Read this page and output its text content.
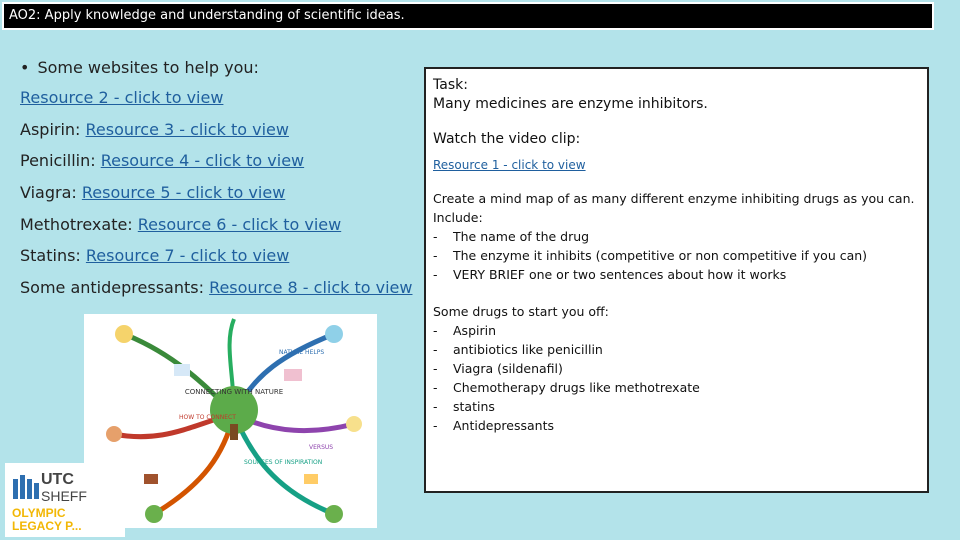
AO2: Apply knowledge and understanding of scientific ideas.

• Some websites to help you:

Resource 2 - click to view

Aspirin: Resource 3 - click to view

Penicillin: Resource 4 - click to view

Viagra: Resource 5 - click to view

Methotrexate: Resource 6 - click to view

Statins: Resource 7 - click to view

Some antidepressants: Resource 8 - click to view

Task:
Many medicines are enzyme inhibitors.
Watch the video clip:
Resource 1 - click to view
Create a mind map of as many different enzyme inhibiting drugs as you can.
Include:
-	The name of the drug
-	The enzyme it inhibits (competitive or non competitive if you can)
-	VERY BRIEF one or two sentences about how it works
Some drugs to start you off:
-	Aspirin
-	antibiotics like penicillin
-	Viagra (sildenafil)
-	Chemotherapy drugs like methotrexate
-	statins
-	Antidepressants
CONNECTING WITH NATURE
NATURE HELPS
HOW TO CONNECT
SOURCES OF INSPIRATION
VERSUS
UTC
SHEFF
OLYMPIC
LEGACY P...
